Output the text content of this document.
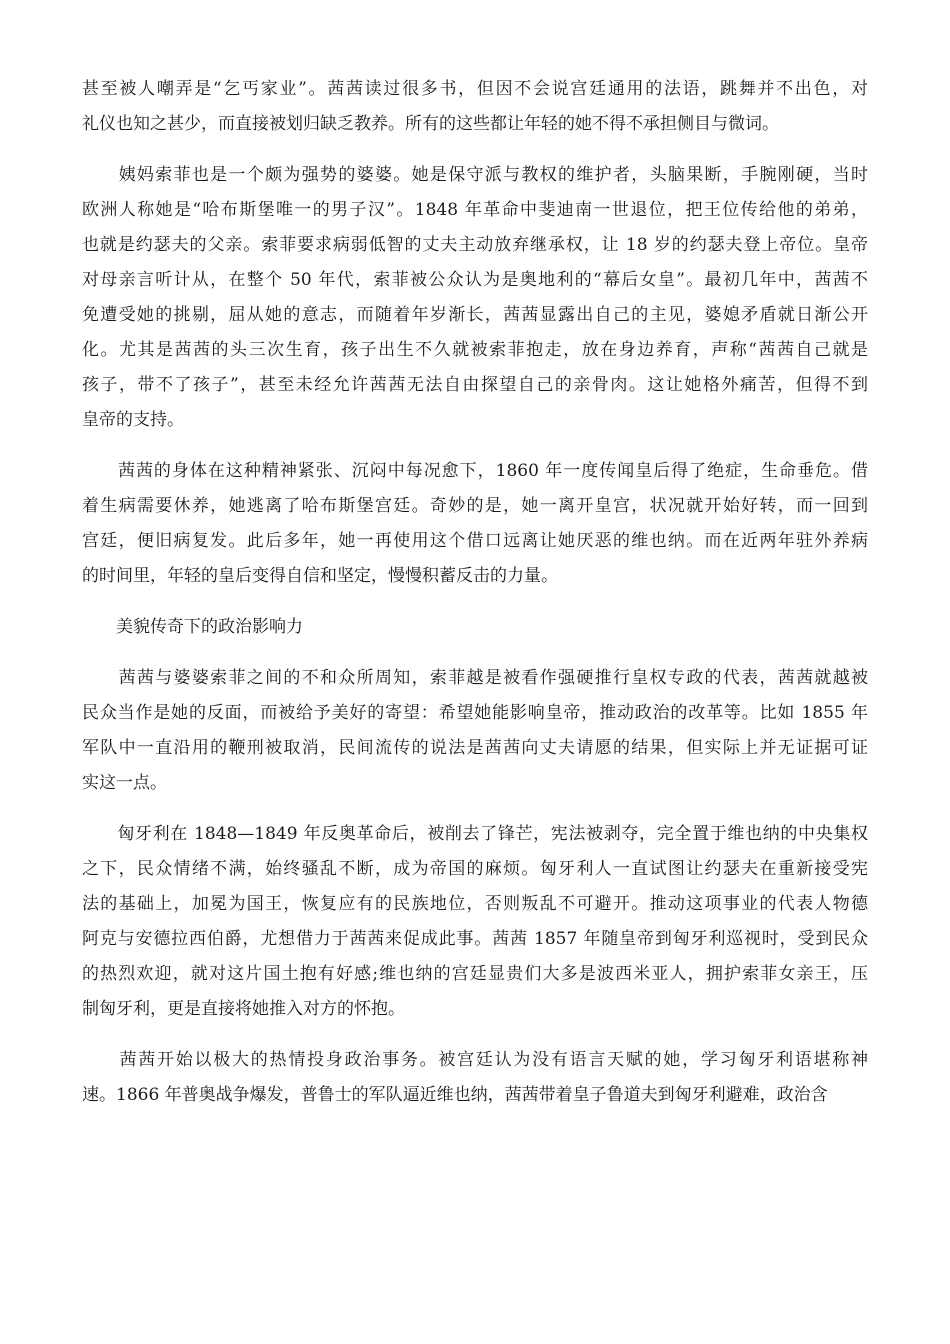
甚至被人嘲弄是“乞丐家业”。茜茜读过很多书，但因不会说宫廷通用的法语，跳舞并不出色，对
礼仪也知之甚少，而直接被划归缺乏教养。所有的这些都让年轻的她不得不承担侧目与微词。
　　姨妈索菲也是一个颇为强势的婆婆。她是保守派与教权的维护者，头脑果断，手腕刚硬，当时
欧洲人称她是“哈布斯堡唯一的男子汉”。1848 年革命中斐迪南一世退位，把王位传给他的弟弟，
也就是约瑟夫的父亲。索菲要求病弱低智的丈夫主动放弃继承权，让 18 岁的约瑟夫登上帝位。皇帝
对母亲言听计从，在整个 50 年代，索菲被公众认为是奥地利的“幕后女皇”。最初几年中，茜茜不
免遭受她的挑剔，屈从她的意志，而随着年岁渐长，茜茜显露出自己的主见，婆媳矛盾就日渐公开
化。尤其是茜茜的头三次生育，孩子出生不久就被索菲抱走，放在身边养育，声称“茜茜自己就是
孩子，带不了孩子”，甚至未经允许茜茜无法自由探望自己的亲骨肉。这让她格外痛苦，但得不到
皇帝的支持。
　　茜茜的身体在这种精神紧张、沉闷中每况愈下，1860 年一度传闻皇后得了绝症，生命垂危。借
着生病需要休养，她逃离了哈布斯堡宫廷。奇妙的是，她一离开皇宫，状况就开始好转，而一回到
宫廷，便旧病复发。此后多年，她一再使用这个借口远离让她厌恶的维也纳。而在近两年驻外养病
的时间里，年轻的皇后变得自信和坚定，慢慢积蓄反击的力量。
　　美貌传奇下的政治影响力
　　茜茜与婆婆索菲之间的不和众所周知，索菲越是被看作强硬推行皇权专政的代表，茜茜就越被
民众当作是她的反面，而被给予美好的寄望：希望她能影响皇帝，推动政治的改革等。比如 1855 年
军队中一直沿用的鞭刑被取消，民间流传的说法是茜茜向丈夫请愿的结果，但实际上并无证据可证
实这一点。
　　匈牙利在 1848—1849 年反奥革命后，被削去了锋芒，宪法被剥夺，完全置于维也纳的中央集权
之下，民众情绪不满，始终骚乱不断，成为帝国的麻烦。匈牙利人一直试图让约瑟夫在重新接受宪
法的基础上，加冕为国王，恢复应有的民族地位，否则叛乱不可避开。推动这项事业的代表人物德
阿克与安德拉西伯爵，尤想借力于茜茜来促成此事。茜茜 1857 年随皇帝到匈牙利巡视时，受到民众
的热烈欢迎，就对这片国土抱有好感;维也纳的宫廷显贵们大多是波西米亚人，拥护索菲女亲王，压
制匈牙利，更是直接将她推入对方的怀抱。
　　茜茜开始以极大的热情投身政治事务。被宫廷认为没有语言天赋的她，学习匈牙利语堪称神
速。1866 年普奥战争爆发，普鲁士的军队逼近维也纳，茜茜带着皇子鲁道夫到匈牙利避难，政治含
